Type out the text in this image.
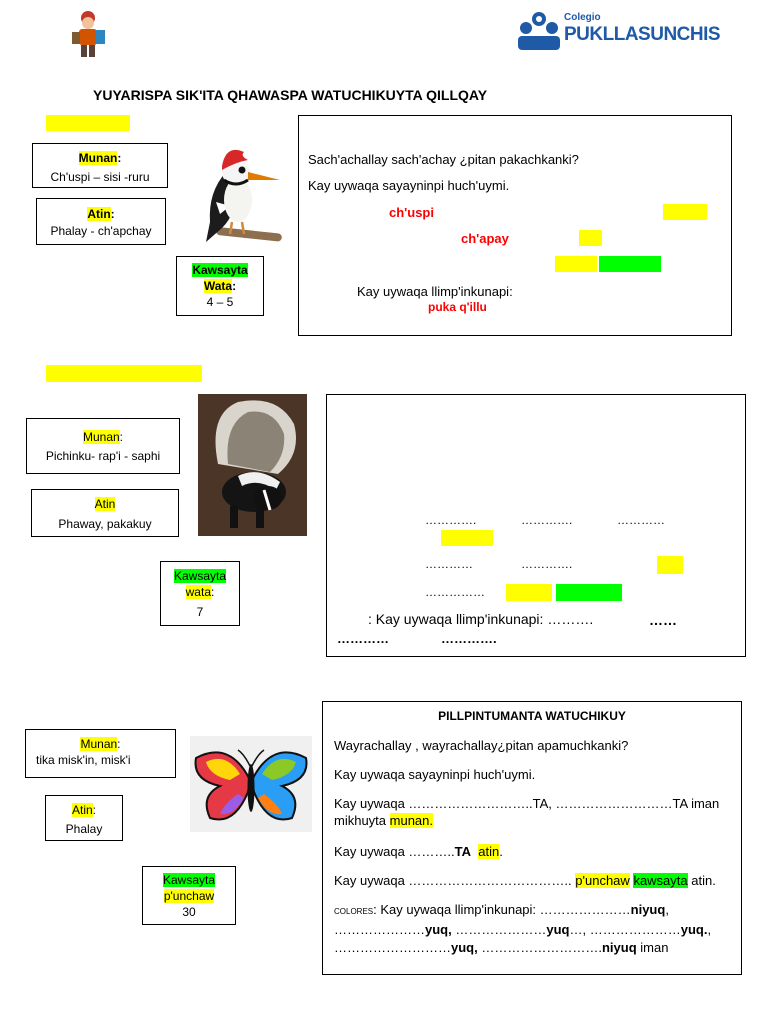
Colegio
PUKLLASUNCHIS
YUYARISPA SIK'ITA QHAWASPA WATUCHIKUYTA QILLQAY
Munan:
Ch'uspi – sisi -ruru
Atin:
Phalay - ch'apchay
Kawsayta
Wata:
4 – 5
Sach'achallay sach'achay ¿pitan pakachkanki?
Kay uywaqa sayayninpi huch'uymi.
ch'uspi
ch'apay
Kay uywaqa llimp'inkunapi:
puka q'illu
Munan:
Pichinku- rap'i - saphi
Atin
Phaway, pakakuy
Kawsayta
wata:
7
………….	………….	…………
…………	………….
……………
: Kay uywaqa llimp'inkunapi: ……….	……
…………	………….
Munan:
tika misk'in, misk'i
Atin:
Phalay
Kawsayta
p'unchaw
30
PILLPINTUMANTA WATUCHIKUY
Wayrachallay , wayrachallay¿pitan apamuchkanki?
Kay uywaqa sayayninpi huch'uymi.
Kay uywaqa ………………………..TA, ………………………TA iman
mikhuyta munan.
Kay uywaqa ………..TA atin.
Kay uywaqa ……………………………….. p'unchaw kawsayta atin.
COLORES: Kay uywaqa llimp'inkunapi: …………………niyuq,
…………………yuq, …………………yuq…, …………………yuq.,
………………………yuq, ……………………….niyuq iman
